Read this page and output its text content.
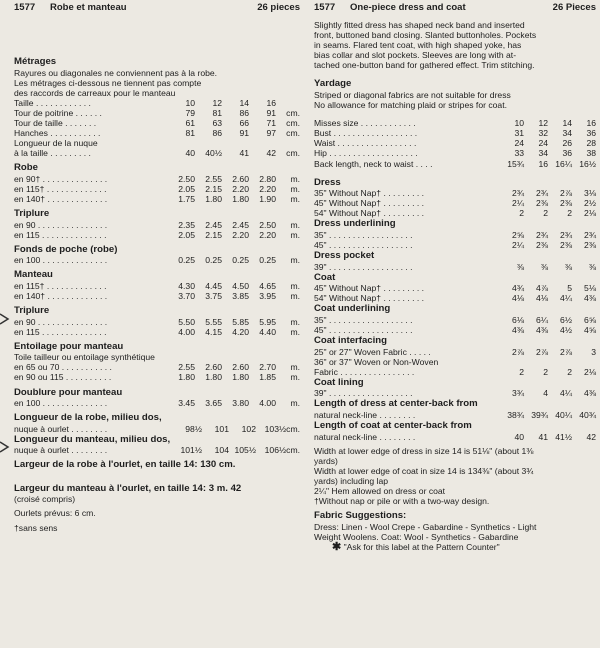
1577	Robe et manteau	26 pieces
Métrages
Rayures ou diagonales ne conviennent pas à la robe.
Les métrages ci-dessous ne tiennent pas compte
des raccords de carreaux pour le manteau
Taille . . . . . . . . . . . .	10	12	14	16
Tour de poitrine . . . . . .	79	81	86	91	cm.
Tour de taille . . . . . . .	61	63	66	71	cm.
Hanches . . . . . . . . . . .	81	86	91	97	cm.
Longueur de la nuque
à la taille . . . . . . . . .	40	40½	41	42	cm.
Robe
en 90† . . . . . . . . . . . . . .	2.50	2.55	2.60	2.80	m.
en 115† . . . . . . . . . . . . .	2.05	2.15	2.20	2.20	m.
en 140† . . . . . . . . . . . . .	1.75	1.80	1.80	1.90	m.
Triplure
en 90 . . . . . . . . . . . . . . .	2.35	2.45	2.45	2.50	m.
en 115 . . . . . . . . . . . . . .	2.05	2.15	2.20	2.20	m.
Fonds de poche (robe)
en 100 . . . . . . . . . . . . . .	0.25	0.25	0.25	0.25	m.
Manteau
en 115† . . . . . . . . . . . . .	4.30	4.45	4.50	4.65	m.
en 140† . . . . . . . . . . . . .	3.70	3.75	3.85	3.95	m.
Triplure
en 90 . . . . . . . . . . . . . . .	5.50	5.55	5.85	5.95	m.
en 115 . . . . . . . . . . . . . .	4.00	4.15	4.20	4.40	m.
Entoilage pour manteau
Toile tailleur ou entoilage synthétique
en 65 ou 70 . . . . . . . . . . .	2.55	2.60	2.60	2.70	m.
en 90 ou 115 . . . . . . . . . .	1.80	1.80	1.80	1.85	m.
Doublure pour manteau
en 100 . . . . . . . . . . . . . .	3.45	3.65	3.80	4.00	m.
Longueur de la robe, milieu dos,
nuque à ourlet . . . . . . . .	98½	101	102	103½cm.
Longueur du manteau, milieu dos,
nuque à ourlet . . . . . . . .	101½	104 105½	106½cm.
Largeur de la robe à l'ourlet, en taille 14: 130 cm.
Largeur du manteau à l'ourlet, en taille 14: 3 m. 42
(croisé compris)
Ourlets prévus: 6 cm.
†sans sens
1577	One-piece dress and coat	26 Pieces
Slightly fitted dress has shaped neck band and inserted
front, buttoned band closing. Slanted buttonholes. Pockets
in seams. Flared tent coat, with high shaped yoke, has
bias collar and slot pockets. Sleeves are long with at-
tached one-button band for gathered effect. Trim stitching.
Yardage
Striped or diagonal fabrics are not suitable for dress
No allowance for matching plaid or stripes for coat.
Misses size . . . . . . . . . . . .	10	12	14	16
Bust . . . . . . . . . . . . . . . . . .	31	32	34	36
Waist . . . . . . . . . . . . . . . . .	24	24	26	28
Hip . . . . . . . . . . . . . . . . . . .	33	34	36	38
Back length, neck to waist . . . .	15¾	16 16¼ 16½
Dress
35" Without Nap† . . . . . . . . .	2¾	2¾	2⅞	3⅛
45" Without Nap† . . . . . . . . .	2¼	2⅜	2⅜	2½
54" Without Nap† . . . . . . . . .	2	2	2	2⅛
Dress underlining
35" . . . . . . . . . . . . . . . . . .	2⅝	2¾	2¾	2¾
45" . . . . . . . . . . . . . . . . . .	2¼	2⅜	2⅜	2⅜
Dress pocket
39" . . . . . . . . . . . . . . . . . .	⅜	⅜	⅜	⅜
Coat
45" Without Nap† . . . . . . . . .	4¾	4⅞	5	5⅛
54" Without Nap† . . . . . . . . .	4⅛	4⅛	4¼	4⅜
Coat underlining
35" . . . . . . . . . . . . . . . . . .	6⅛	6¼	6½	6⅝
45" . . . . . . . . . . . . . . . . . .	4⅜	4⅜	4½	4⅝
Coat interfacing
25" or 27" Woven Fabric . . . . .	2⅞	2⅞	2⅞	3
36" or 37" Woven or Non-Woven
Fabric . . . . . . . . . . . . . . . .	2	2	2	2⅛
Coat lining
39" . . . . . . . . . . . . . . . . . .	3¾	4	4¼	4⅜
Length of dress at center-back from
natural neck-line . . . . . . . .	38¾ 39¾ 40¼ 40¾
Length of coat at center-back from
natural neck-line . . . . . . . .	40	41 41½	42
Width at lower edge of dress in size 14 is 51⅛" (about 1⅜
yards)
Width at lower edge of coat in size 14 is 134⅜" (about 3¾
yards) including lap
2¼" Hem allowed on dress or coat
†Without nap or pile or with a two-way design.
Fabric Suggestions:
Dress: Linen - Wool Crepe - Gabardine - Synthetics - Light
Weight Woolens. Coat: Wool - Synthetics - Gabardine
✱ "Ask for this label at the Pattern Counter"
